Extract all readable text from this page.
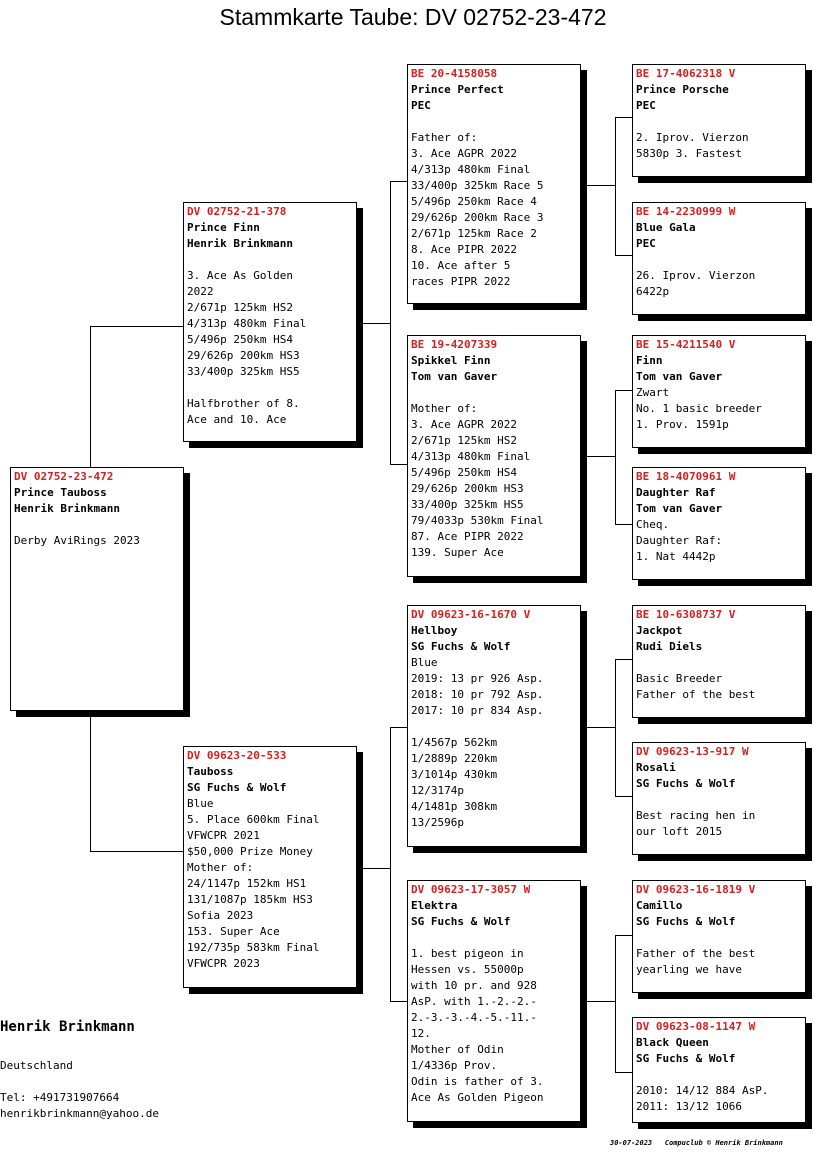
Stammkarte Taube: DV 02752-23-472
DV 02752-23-472
Prince Tauboss
Henrik Brinkmann

Derby AviRings 2023
DV 02752-21-378
Prince Finn
Henrik Brinkmann

3. Ace As Golden
2022
2/671p 125km HS2
4/313p 480km Final
5/496p 250km HS4
29/626p 200km HS3
33/400p 325km HS5

Halfbrother of 8.
Ace and 10. Ace
DV 09623-20-533
Tauboss
SG Fuchs & Wolf
Blue
5. Place 600km Final
VFWCPR 2021
$50,000 Prize Money
Mother of:
24/1147p 152km HS1
131/1087p 185km HS3
Sofia 2023
153. Super Ace
192/735p 583km Final
VFWCPR 2023
BE 20-4158058
Prince Perfect
PEC

Father of:
3. Ace AGPR 2022
4/313p 480km Final
33/400p 325km Race 5
5/496p 250km Race 4
29/626p 200km Race 3
2/671p 125km Race 2
8. Ace PIPR 2022
10. Ace after 5
races PIPR 2022
BE 19-4207339
Spikkel Finn
Tom van Gaver

Mother of:
3. Ace AGPR 2022
2/671p 125km HS2
4/313p 480km Final
5/496p 250km HS4
29/626p 200km HS3
33/400p 325km HS5
79/4033p 530km Final
87. Ace PIPR 2022
139. Super Ace
DV 09623-16-1670 V
Hellboy
SG Fuchs & Wolf
Blue
2019: 13 pr 926 Asp.
2018: 10 pr 792 Asp.
2017: 10 pr 834 Asp.

1/4567p 562km
1/2889p 220km
3/1014p 430km
12/3174p
4/1481p 308km
13/2596p
DV 09623-17-3057 W
Elektra
SG Fuchs & Wolf

1. best pigeon in
Hessen vs. 55000p
with 10 pr. and 928
AsP. with 1.-2.-2.-
2.-3.-3.-4.-5.-11.-
12.
Mother of Odin
1/4336p Prov.
Odin is father of 3.
Ace As Golden Pigeon
BE 17-4062318 V
Prince Porsche
PEC

2. Iprov. Vierzon
5830p 3. Fastest
BE 14-2230999 W
Blue Gala
PEC

26. Iprov. Vierzon
6422p
BE 15-4211540 V
Finn
Tom van Gaver
Zwart
No. 1 basic breeder
1. Prov. 1591p
BE 18-4070961 W
Daughter Raf
Tom van Gaver
Cheq.
Daughter Raf:
1. Nat 4442p
BE 10-6308737 V
Jackpot
Rudi Diels

Basic Breeder
Father of the best
DV 09623-13-917 W
Rosali
SG Fuchs & Wolf

Best racing hen in
our loft 2015
DV 09623-16-1819 V
Camillo
SG Fuchs & Wolf

Father of the best
yearling we have
DV 09623-08-1147 W
Black Queen
SG Fuchs & Wolf

2010: 14/12 884 AsP.
2011: 13/12 1066
Henrik Brinkmann
Deutschland
Tel: +491731907664
henrikbrinkmann@yahoo.de
30-07-2023   Compuclub © Henrik Brinkmann
